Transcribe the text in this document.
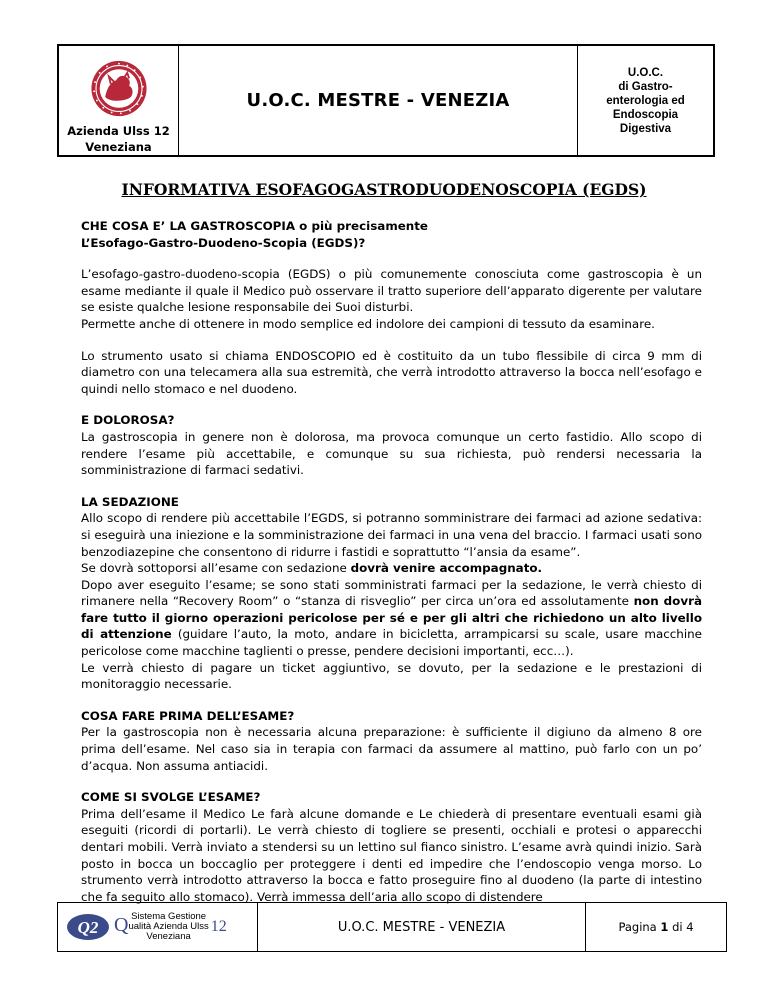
Azienda Ulss 12
Veneziana
U.O.C. MESTRE - VENEZIA
U.O.C.
di Gastro-
enterologia ed
Endoscopia
Digestiva
INFORMATIVA ESOFAGOGASTRODUODENOSCOPIA (EGDS)
CHE COSA E’ LA GASTROSCOPIA o più precisamente
L’Esofago-Gastro-Duodeno-Scopia (EGDS)?

L’esofago-gastro-duodeno-scopia (EGDS) o più comunemente conosciuta come gastroscopia è un esame mediante il quale il Medico può osservare il tratto superiore dell’apparato digerente per valutare se esiste qualche lesione responsabile dei Suoi disturbi.

Permette anche di ottenere in modo semplice ed indolore dei campioni di tessuto da esaminare.

Lo strumento usato si chiama ENDOSCOPIO ed è costituito da un tubo flessibile di circa 9 mm di diametro con una telecamera alla sua estremità, che verrà introdotto attraverso la bocca nell’esofago e quindi nello stomaco e nel duodeno.

E DOLOROSA?

La gastroscopia in genere non è dolorosa, ma provoca comunque un certo fastidio. Allo scopo di rendere l’esame più accettabile, e comunque su sua richiesta, può rendersi necessaria la somministrazione di farmaci sedativi.

LA SEDAZIONE

Allo scopo di rendere più accettabile l’EGDS, si potranno somministrare dei farmaci ad azione sedativa: si eseguirà una iniezione e la somministrazione dei farmaci in una vena del braccio. I farmaci usati sono benzodiazepine che consentono di ridurre i fastidi e soprattutto “l’ansia da esame”.

Se dovrà sottoporsi all’esame con sedazione dovrà venire accompagnato.

Dopo aver eseguito l’esame; se sono stati somministrati farmaci per la sedazione, le verrà chiesto di rimanere nella “Recovery Room” o “stanza di risveglio” per circa un’ora ed assolutamente non dovrà fare tutto il giorno operazioni pericolose per sé e per gli altri che richiedono un alto livello di attenzione (guidare l’auto, la moto, andare in bicicletta, arrampicarsi su scale, usare macchine pericolose come macchine taglienti o presse, pendere decisioni importanti, ecc…).

Le verrà chiesto di pagare un ticket aggiuntivo, se dovuto, per la sedazione e le prestazioni di monitoraggio necessarie.

COSA FARE PRIMA DELL’ESAME?

Per la gastroscopia non è necessaria alcuna preparazione: è sufficiente il digiuno da almeno 8 ore prima dell’esame. Nel caso sia in terapia con farmaci da assumere al mattino, può farlo con un po’ d’acqua. Non assuma antiacidi.

COME SI SVOLGE L’ESAME?

Prima dell’esame il Medico Le farà alcune domande e Le chiederà di presentare eventuali esami già eseguiti (ricordi di portarli). Le verrà chiesto di togliere se presenti, occhiali e protesi o apparecchi dentari mobili. Verrà inviato a stendersi su un lettino sul fianco sinistro. L’esame avrà quindi inizio. Sarà posto in bocca un boccaglio per proteggere i denti ed impedire che l’endoscopio venga morso. Lo strumento verrà introdotto attraverso la bocca e fatto proseguire fino al duodeno (la parte di intestino che fa seguito allo stomaco). Verrà immessa dell’aria allo scopo di distendere

Q2 Q Sistema Gestione
ualità Azienda Ulss
Veneziana
12	U.O.C. MESTRE - VENEZIA	Pagina
1
di
4
